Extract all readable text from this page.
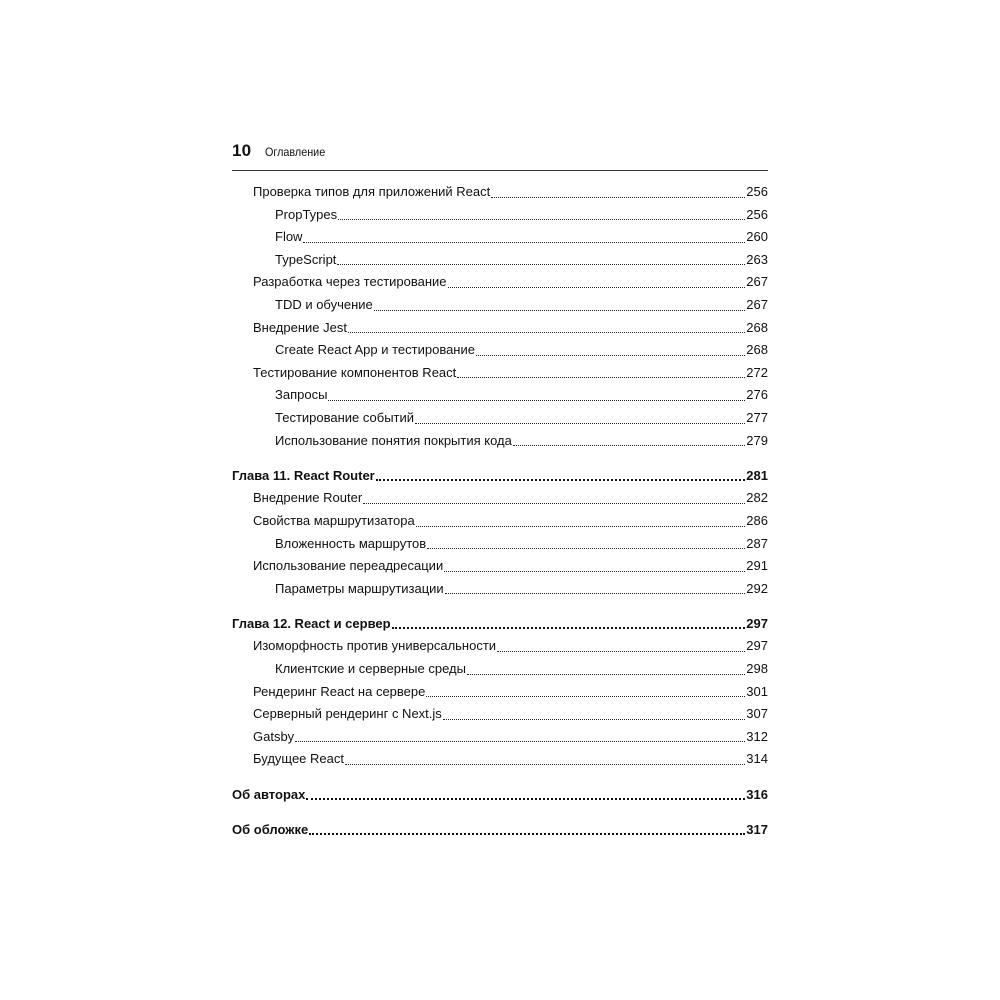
10 Оглавление
Проверка типов для приложений React	256
PropTypes	256
Flow	260
TypeScript	263
Разработка через тестирование	267
TDD и обучение	267
Внедрение Jest	268
Create React App и тестирование	268
Тестирование компонентов React	272
Запросы	276
Тестирование событий	277
Использование понятия покрытия кода	279
Глава 11. React Router	281
Внедрение Router	282
Свойства маршрутизатора	286
Вложенность маршрутов	287
Использование переадресации	291
Параметры маршрутизации	292
Глава 12. React и сервер	297
Изоморфность против универсальности	297
Клиентские и серверные среды	298
Рендеринг React на сервере	301
Серверный рендеринг с Next.js	307
Gatsby	312
Будущее React	314
Об авторах	316
Об обложке	317
